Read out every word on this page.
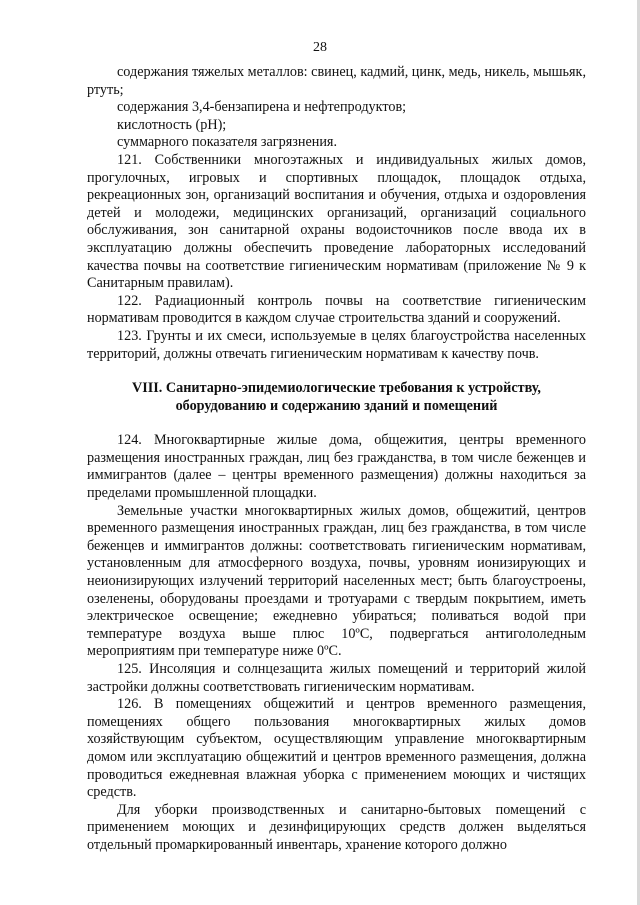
28

содержания тяжелых металлов: свинец, кадмий, цинк, медь, никель, мышьяк, ртуть;

содержания 3,4-бензапирена и нефтепродуктов;

кислотность (pH);

суммарного показателя загрязнения.

121. Собственники многоэтажных и индивидуальных жилых домов, прогулочных, игровых и спортивных площадок, площадок отдыха, рекреационных зон, организаций воспитания и обучения, отдыха и оздоровления детей и молодежи, медицинских организаций, организаций социального обслуживания, зон санитарной охраны водоисточников после ввода их в эксплуатацию должны обеспечить проведение лабораторных исследований качества почвы на соответствие гигиеническим нормативам (приложение № 9 к Санитарным правилам).

122. Радиационный контроль почвы на соответствие гигиеническим нормативам проводится в каждом случае строительства зданий и сооружений.

123. Грунты и их смеси, используемые в целях благоустройства населенных территорий, должны отвечать гигиеническим нормативам к качеству почв.

VIII. Санитарно-эпидемиологические требования к устройству,
оборудованию и содержанию зданий и помещений

124. Многоквартирные жилые дома, общежития, центры временного размещения иностранных граждан, лиц без гражданства, в том числе беженцев и иммигрантов (далее – центры временного размещения) должны находиться за пределами промышленной площадки.

Земельные участки многоквартирных жилых домов, общежитий, центров временного размещения иностранных граждан, лиц без гражданства, в том числе беженцев и иммигрантов должны: соответствовать гигиеническим нормативам, установленным для атмосферного воздуха, почвы, уровням ионизирующих и неионизирующих излучений территорий населенных мест; быть благоустроены, озеленены, оборудованы проездами и тротуарами с твердым покрытием, иметь электрическое освещение; ежедневно убираться; поливаться водой при температуре воздуха выше плюс 10ºC, подвергаться антигололедным мероприятиям при температуре ниже 0ºC.

125. Инсоляция и солнцезащита жилых помещений и территорий жилой застройки должны соответствовать гигиеническим нормативам.

126. В помещениях общежитий и центров временного размещения, помещениях общего пользования многоквартирных жилых домов хозяйствующим субъектом, осуществляющим управление многоквартирным домом или эксплуатацию общежитий и центров временного размещения, должна проводиться ежедневная влажная уборка с применением моющих и чистящих средств.

Для уборки производственных и санитарно-бытовых помещений с применением моющих и дезинфицирующих средств должен выделяться отдельный промаркированный инвентарь, хранение которого должно
